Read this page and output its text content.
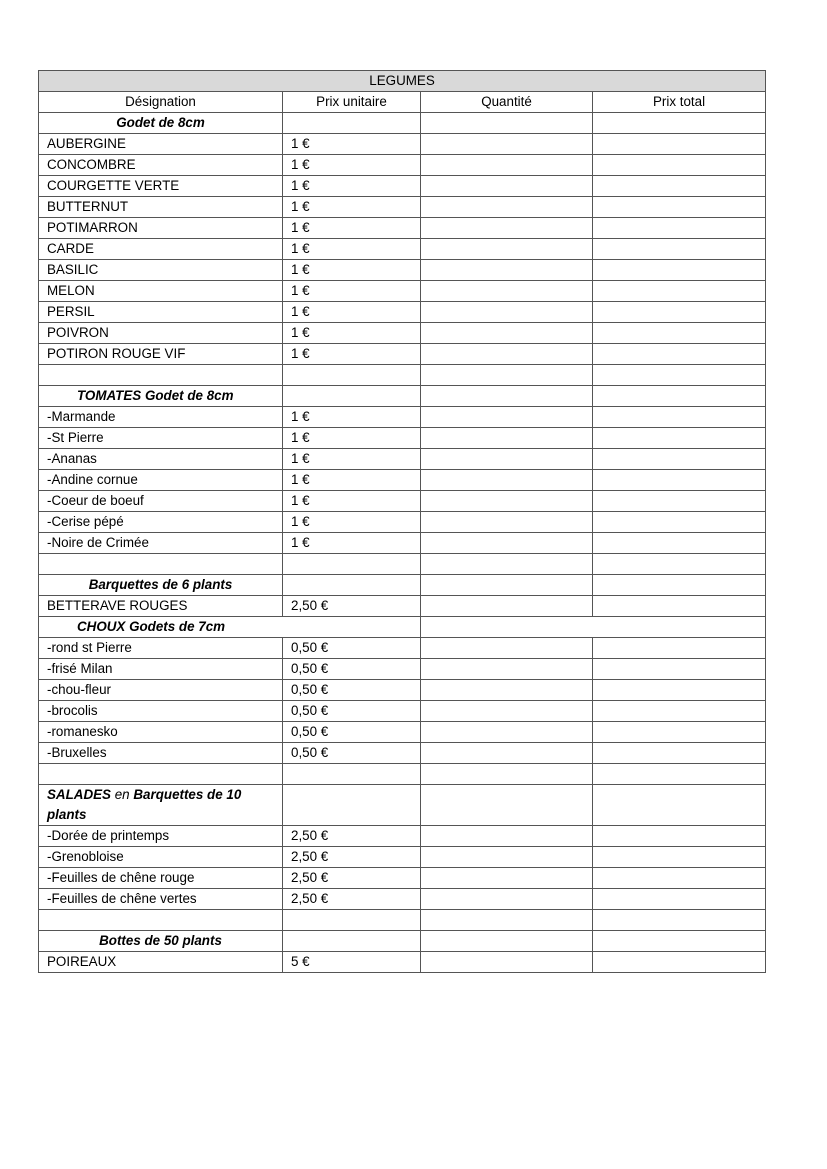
LEGUMES			
Désignation	Prix unitaire	Quantité	Prix total
Godet de 8cm			
AUBERGINE	1 €		
CONCOMBRE	1 €		
COURGETTE VERTE	1 €		
BUTTERNUT	1 €		
POTIMARRON	1 €		
CARDE	1 €		
BASILIC	1 €		
MELON	1 €		
PERSIL	1 €		
POIVRON	1 €		
POTIRON ROUGE VIF	1 €		

TOMATES Godet de 8cm			
-Marmande	1 €		
-St Pierre	1 €		
-Ananas	1 €		
-Andine cornue	1 €		
-Coeur de boeuf	1 €		
-Cerise pépé	1 €		
-Noire de Crimée	1 €		

Barquettes de 6 plants			
BETTERAVE ROUGES	2,50 €		
CHOUX Godets de 7cm			
-rond st Pierre	0,50 €		
-frisé Milan	0,50 €		
-chou-fleur	0,50 €		
-brocolis	0,50 €		
-romanesko	0,50 €		
-Bruxelles	0,50 €		

SALADES en Barquettes de 10 plants			
-Dorée de printemps	2,50 €		
-Grenobloise	2,50 €		
-Feuilles de chêne rouge	2,50 €		
-Feuilles de chêne vertes	2,50 €		

Bottes de 50 plants			
POIREAUX	5 €		
